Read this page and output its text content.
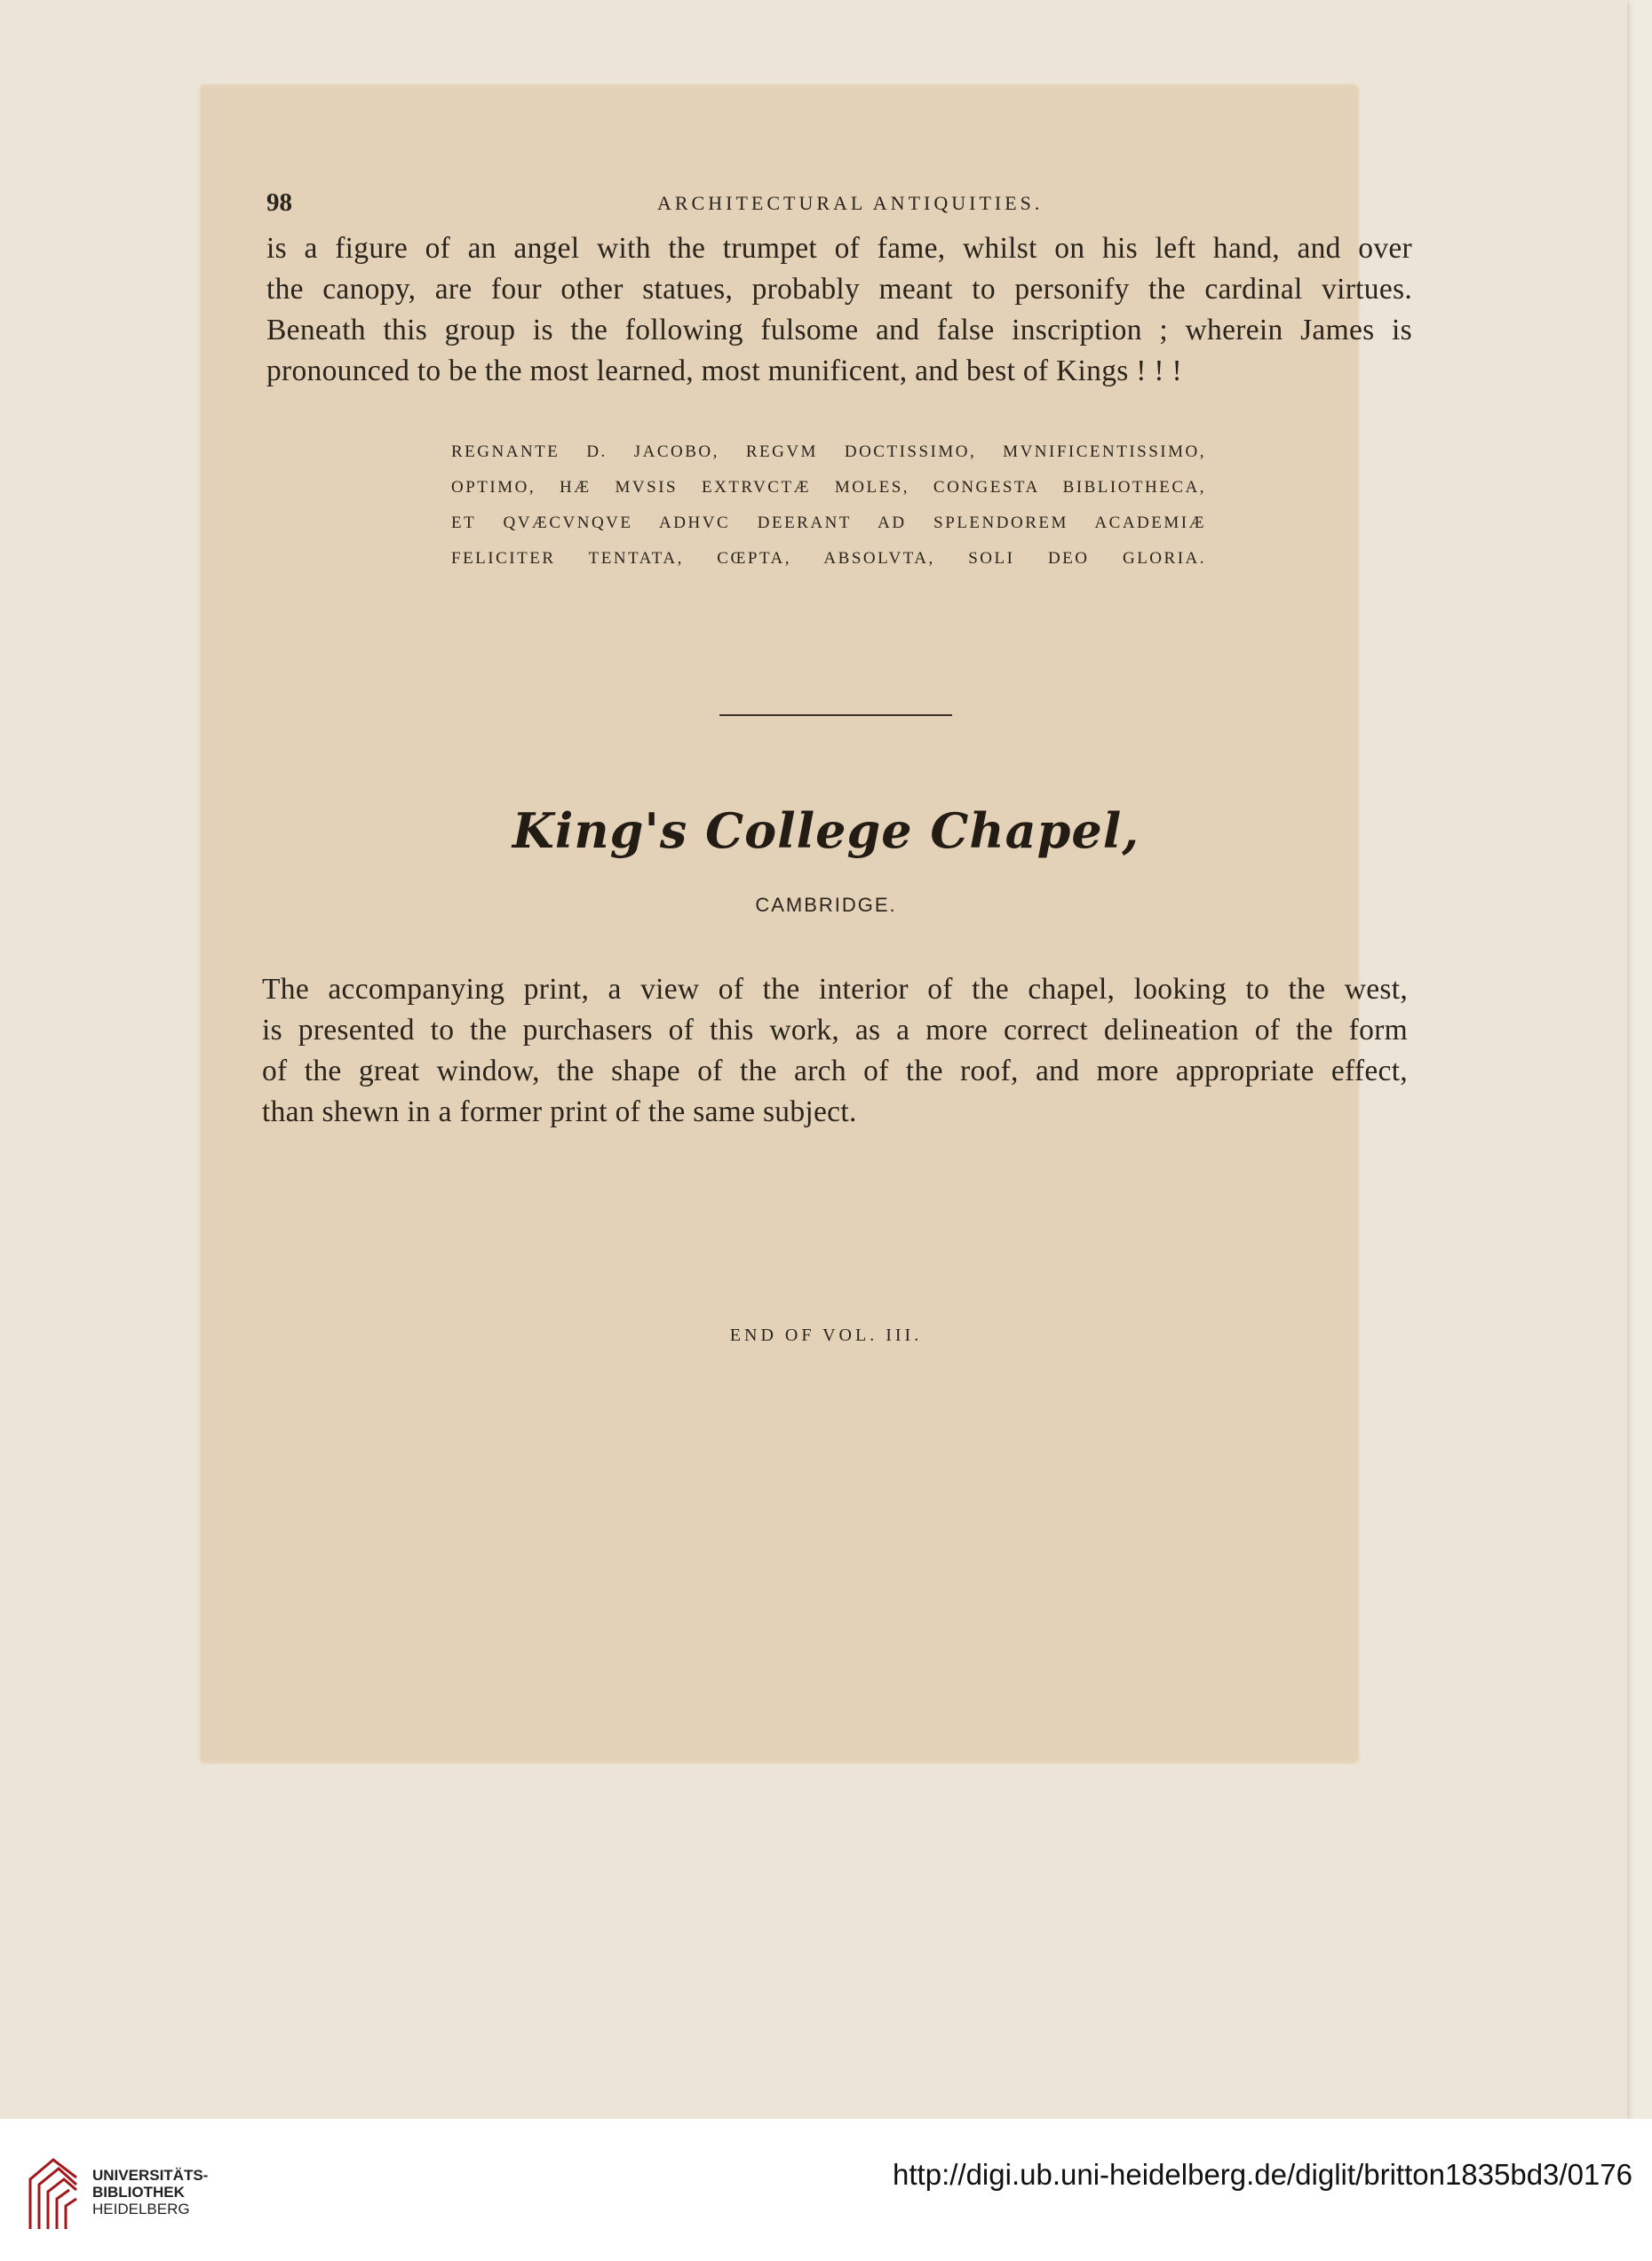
98	ARCHITECTURAL ANTIQUITIES.

is a figure of an angel with the trumpet of fame, whilst on his left hand, and over
the canopy, are four other statues, probably meant to personify the cardinal virtues.
Beneath this group is the following fulsome and false inscription ; wherein James is
pronounced to be the most learned, most munificent, and best of Kings ! ! !

REGNANTE D. JACOBO, REGVM DOCTISSIMO, MVNIFICENTISSIMO,
OPTIMO, HÆ MVSIS EXTRVCTÆ MOLES, CONGESTA BIBLIOTHECA,
ET QVÆCVNQVE ADHVC DEERANT AD SPLENDOREM ACADEMIÆ
FELICITER TENTATA, CŒPTA, ABSOLVTA, SOLI DEO GLORIA.
King's College Chapel,
CAMBRIDGE.

The accompanying print, a view of the interior of the chapel, looking to the west,
is presented to the purchasers of this work, as a more correct delineation of the form
of the great window, the shape of the arch of the roof, and more appropriate effect,
than shewn in a former print of the same subject.

END OF VOL. III.
UNIVERSITÄTS-
BIBLIOTHEK
HEIDELBERG
http://digi.ub.uni-heidelberg.de/diglit/britton1835bd3/0176
